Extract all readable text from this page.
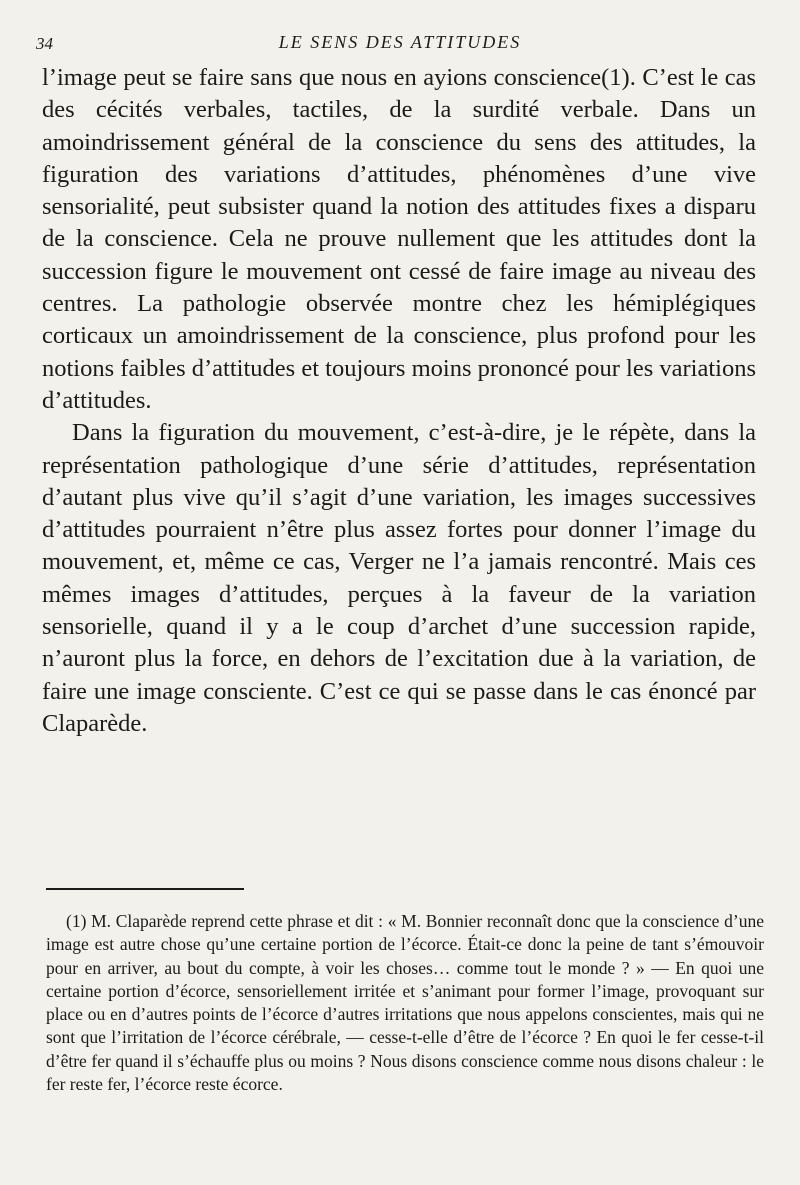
34	LE SENS DES ATTITUDES

l’image peut se faire sans que nous en ayions conscience(1). C’est le cas des cécités verbales, tactiles, de la surdité verbale. Dans un amoindrissement général de la conscience du sens des attitudes, la figuration des variations d’attitudes, phénomènes d’une vive sensorialité, peut subsister quand la notion des attitudes fixes a disparu de la conscience. Cela ne prouve nullement que les attitudes dont la succession figure le mouvement ont cessé de faire image au niveau des centres. La pathologie observée montre chez les hémiplégiques corticaux un amoindrissement de la conscience, plus profond pour les notions faibles d’attitudes et toujours moins prononcé pour les variations d’attitudes.

Dans la figuration du mouvement, c’est-à-dire, je le répète, dans la représentation pathologique d’une série d’attitudes, représentation d’autant plus vive qu’il s’agit d’une variation, les images successives d’attitudes pourraient n’être plus assez fortes pour donner l’image du mouvement, et, même ce cas, Verger ne l’a jamais rencontré. Mais ces mêmes images d’attitudes, perçues à la faveur de la variation sensorielle, quand il y a le coup d’archet d’une succession rapide, n’auront plus la force, en dehors de l’excitation due à la variation, de faire une image consciente. C’est ce qui se passe dans le cas énoncé par Claparède.

(1) M. Claparède reprend cette phrase et dit : « M. Bonnier reconnaît donc que la conscience d’une image est autre chose qu’une certaine portion de l’écorce. Était-ce donc la peine de tant s’émouvoir pour en arriver, au bout du compte, à voir les choses… comme tout le monde ? » — En quoi une certaine portion d’écorce, sensoriellement irritée et s’animant pour former l’image, provoquant sur place ou en d’autres points de l’écorce d’autres irritations que nous appelons conscientes, mais qui ne sont que l’irritation de l’écorce cérébrale, — cesse-t-elle d’être de l’écorce ? En quoi le fer cesse-t-il d’être fer quand il s’échauffe plus ou moins ? Nous disons conscience comme nous disons chaleur : le fer reste fer, l’écorce reste écorce.
